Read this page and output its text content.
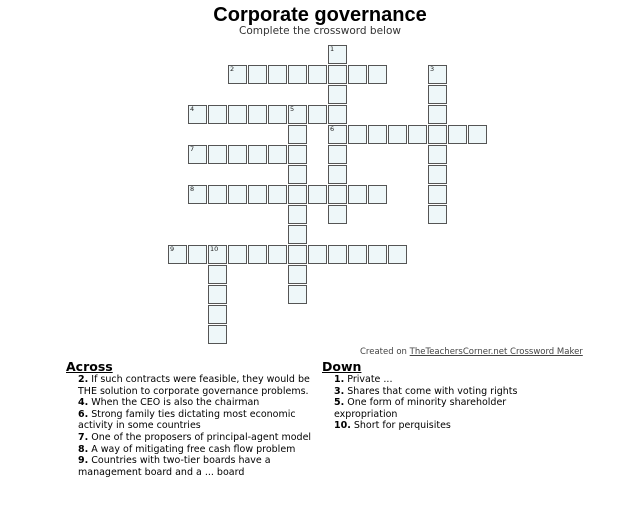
Corporate governance
Complete the crossword below
1
6
2	3
4	5
7
8
9	10
Created on TheTeachersCorner.net Crossword Maker
Across
2. If such contracts were feasible, they would be THE solution to corporate governance problems.
4. When the CEO is also the chairman
6. Strong family ties dictating most economic activity in some countries
7. One of the proposers of principal-agent model
8. A way of mitigating free cash flow problem
9. Countries with two-tier boards have a management board and a ... board
Down
1. Private ...
3. Shares that come with voting rights
5. One form of minority shareholder expropriation
10. Short for perquisites
